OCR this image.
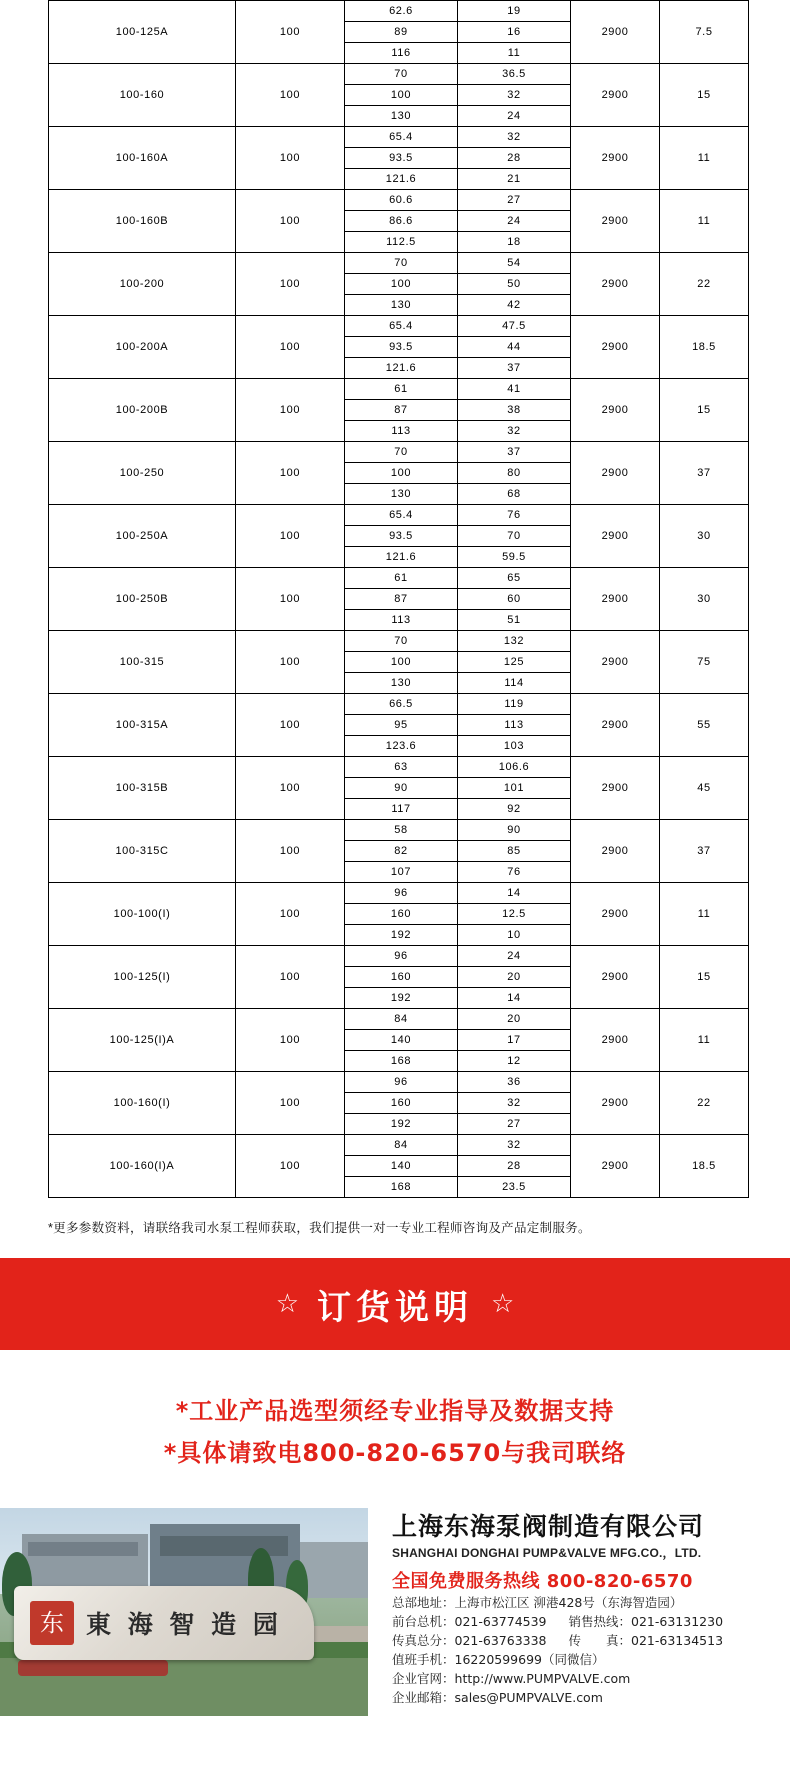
100-125A	100	62.6	19	2900	7.5
		89	16		
		116	11		
100-160	100	70	36.5	2900	15
		100	32		
		130	24		
100-160A	100	65.4	32	2900	11
		93.5	28		
		121.6	21		
100-160B	100	60.6	27	2900	11
		86.6	24		
		112.5	18		
100-200	100	70	54	2900	22
		100	50		
		130	42		
100-200A	100	65.4	47.5	2900	18.5
		93.5	44		
		121.6	37		
100-200B	100	61	41	2900	15
		87	38		
		113	32		
100-250	100	70	37	2900	37
		100	80		
		130	68		
100-250A	100	65.4	76	2900	30
		93.5	70		
		121.6	59.5		
100-250B	100	61	65	2900	30
		87	60		
		113	51		
100-315	100	70	132	2900	75
		100	125		
		130	114		
100-315A	100	66.5	119	2900	55
		95	113		
		123.6	103		
100-315B	100	63	106.6	2900	45
		90	101		
		117	92		
100-315C	100	58	90	2900	37
		82	85		
		107	76		
100-100(I)	100	96	14	2900	11
		160	12.5		
		192	10		
100-125(I)	100	96	24	2900	15
		160	20		
		192	14		
100-125(I)A	100	84	20	2900	11
		140	17		
		168	12		
100-160(I)	100	96	36	2900	22
		160	32		
		192	27		
100-160(I)A	100	84	32	2900	18.5
		140	28		
		168	23.5		
*更多参数资料，请联络我司水泵工程师获取，我们提供一对一专业工程师咨询及产品定制服务。
☆ 订货说明 ☆
*工业产品选型须经专业指导及数据支持
*具体请致电800-820-6570与我司联络
东 東 海 智 造 园
上海东海泵阀制造有限公司
SHANGHAI DONGHAI PUMP&VALVE MFG.CO.，LTD.
全国免费服务热线 800-820-6570
总部地址：上海市松江区 泖港428号（东海智造园）
前台总机：021-63774539 销售热线：021-63131230
传真总分：021-63763338 传　　真：021-63134513
值班手机：16220599699（同微信）
企业官网：http://www.PUMPVALVE.com
企业邮箱：sales@PUMPVALVE.com
